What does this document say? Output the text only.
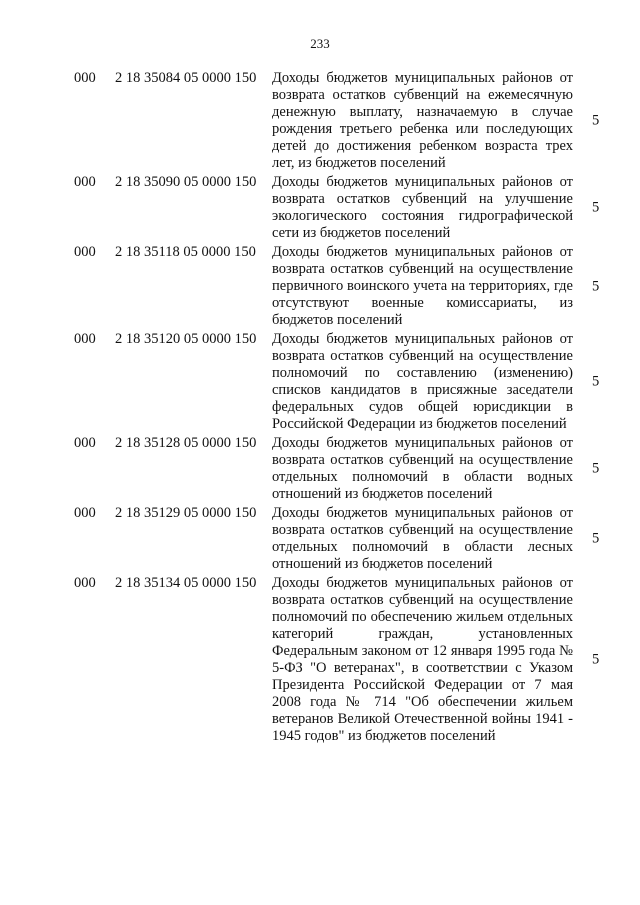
233
000 2 18 35084 05 0000 150 Доходы бюджетов муниципальных районов от возврата остатков субвенций на ежемесячную денежную выплату, назначаемую в случае рождения третьего ребенка или последующих детей до достижения ребенком возраста трех лет, из бюджетов поселений
5
000 2 18 35090 05 0000 150 Доходы бюджетов муниципальных районов от возврата остатков субвенций на улучшение экологического состояния гидрографической сети из бюджетов поселений
5
000 2 18 35118 05 0000 150 Доходы бюджетов муниципальных районов от возврата остатков субвенций на осуществление первичного воинского учета на территориях, где отсутствуют военные комиссариаты, из бюджетов поселений
5
000 2 18 35120 05 0000 150 Доходы бюджетов муниципальных районов от возврата остатков субвенций на осуществление полномочий по составлению (изменению) списков кандидатов в присяжные заседатели федеральных судов общей юрисдикции в Российской Федерации из бюджетов поселений
5
000 2 18 35128 05 0000 150 Доходы бюджетов муниципальных районов от возврата остатков субвенций на осуществление отдельных полномочий в области водных отношений из бюджетов поселений
5
000 2 18 35129 05 0000 150 Доходы бюджетов муниципальных районов от возврата остатков субвенций на осуществление отдельных полномочий в области лесных отношений из бюджетов поселений
5
000 2 18 35134 05 0000 150 Доходы бюджетов муниципальных районов от возврата остатков субвенций на осуществление полномочий по обеспечению жильем отдельных категорий граждан, установленных Федеральным законом от 12 января 1995 года № 5-ФЗ "О ветеранах", в соответствии с Указом Президента Российской Федерации от 7 мая 2008 года № 714 "Об обеспечении жильем ветеранов Великой Отечественной войны 1941 - 1945 годов" из бюджетов поселений
5
